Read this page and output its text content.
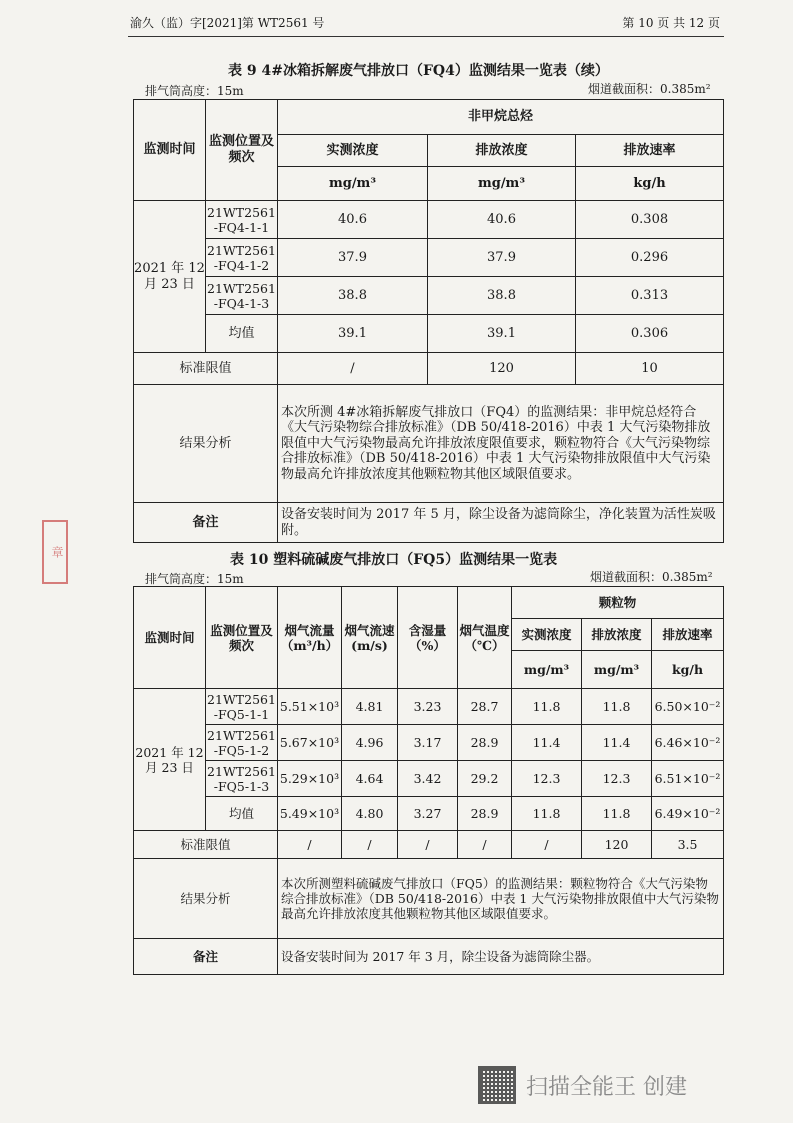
渝久（监）字[2021]第 WT2561 号	第 10 页 共 12 页
表 9 4#冰箱拆解废气排放口（FQ4）监测结果一览表（续）
排气筒高度：15m	烟道截面积：0.385m²
监测时间	监测位置及频次	非甲烷总烃		
		实测浓度	排放浓度	排放速率
		mg/m³	mg/m³	kg/h
2021 年 12月 23 日	21WT2561 -FQ4-1-1	40.6	40.6	0.308
	21WT2561 -FQ4-1-2	37.9	37.9	0.296
	21WT2561 -FQ4-1-3	38.8	38.8	0.313
	均值	39.1	39.1	0.306
标准限值		/	120	10
结果分析		本次所测 4#冰箱拆解废气排放口（FQ4）的监测结果：非甲烷总烃符合《大气污染物综合排放标准》（DB 50/418-2016）中表 1 大气污染物排放限值中大气污染物最高允许排放浓度限值要求，颗粒物符合《大气污染物综合排放标准》（DB 50/418-2016）中表 1 大气污染物排放限值中大气污染物最高允许排放浓度其他颗粒物其他区域限值要求。		
备注		设备安装时间为 2017 年 5 月，除尘设备为滤筒除尘，净化装置为活性炭吸附。		
表 10 塑料硫碱废气排放口（FQ5）监测结果一览表
排气筒高度：15m	烟道截面积：0.385m²
监测时间	监测位置及频次	烟气流量 （m³/h）	烟气流速 (m/s)	含湿量 （%）	烟气温度 （℃）	颗粒物		
						实测浓度	排放浓度	排放速率
						mg/m³	mg/m³	kg/h
2021 年 12月 23 日	21WT2561 -FQ5-1-1	5.51×10³	4.81	3.23	28.7	11.8	11.8	6.50×10⁻²
	21WT2561 -FQ5-1-2	5.67×10³	4.96	3.17	28.9	11.4	11.4	6.46×10⁻²
	21WT2561 -FQ5-1-3	5.29×10³	4.64	3.42	29.2	12.3	12.3	6.51×10⁻²
	均值	5.49×10³	4.80	3.27	28.9	11.8	11.8	6.49×10⁻²
标准限值		/	/	/	/	/	120	3.5
结果分析		本次所测塑料硫碱废气排放口（FQ5）的监测结果：颗粒物符合《大气污染物综合排放标准》（DB 50/418-2016）中表 1 大气污染物排放限值中大气污染物最高允许排放浓度其他颗粒物其他区域限值要求。						
备注		设备安装时间为 2017 年 3 月，除尘设备为滤筒除尘器。						
章
扫描全能王 创建
